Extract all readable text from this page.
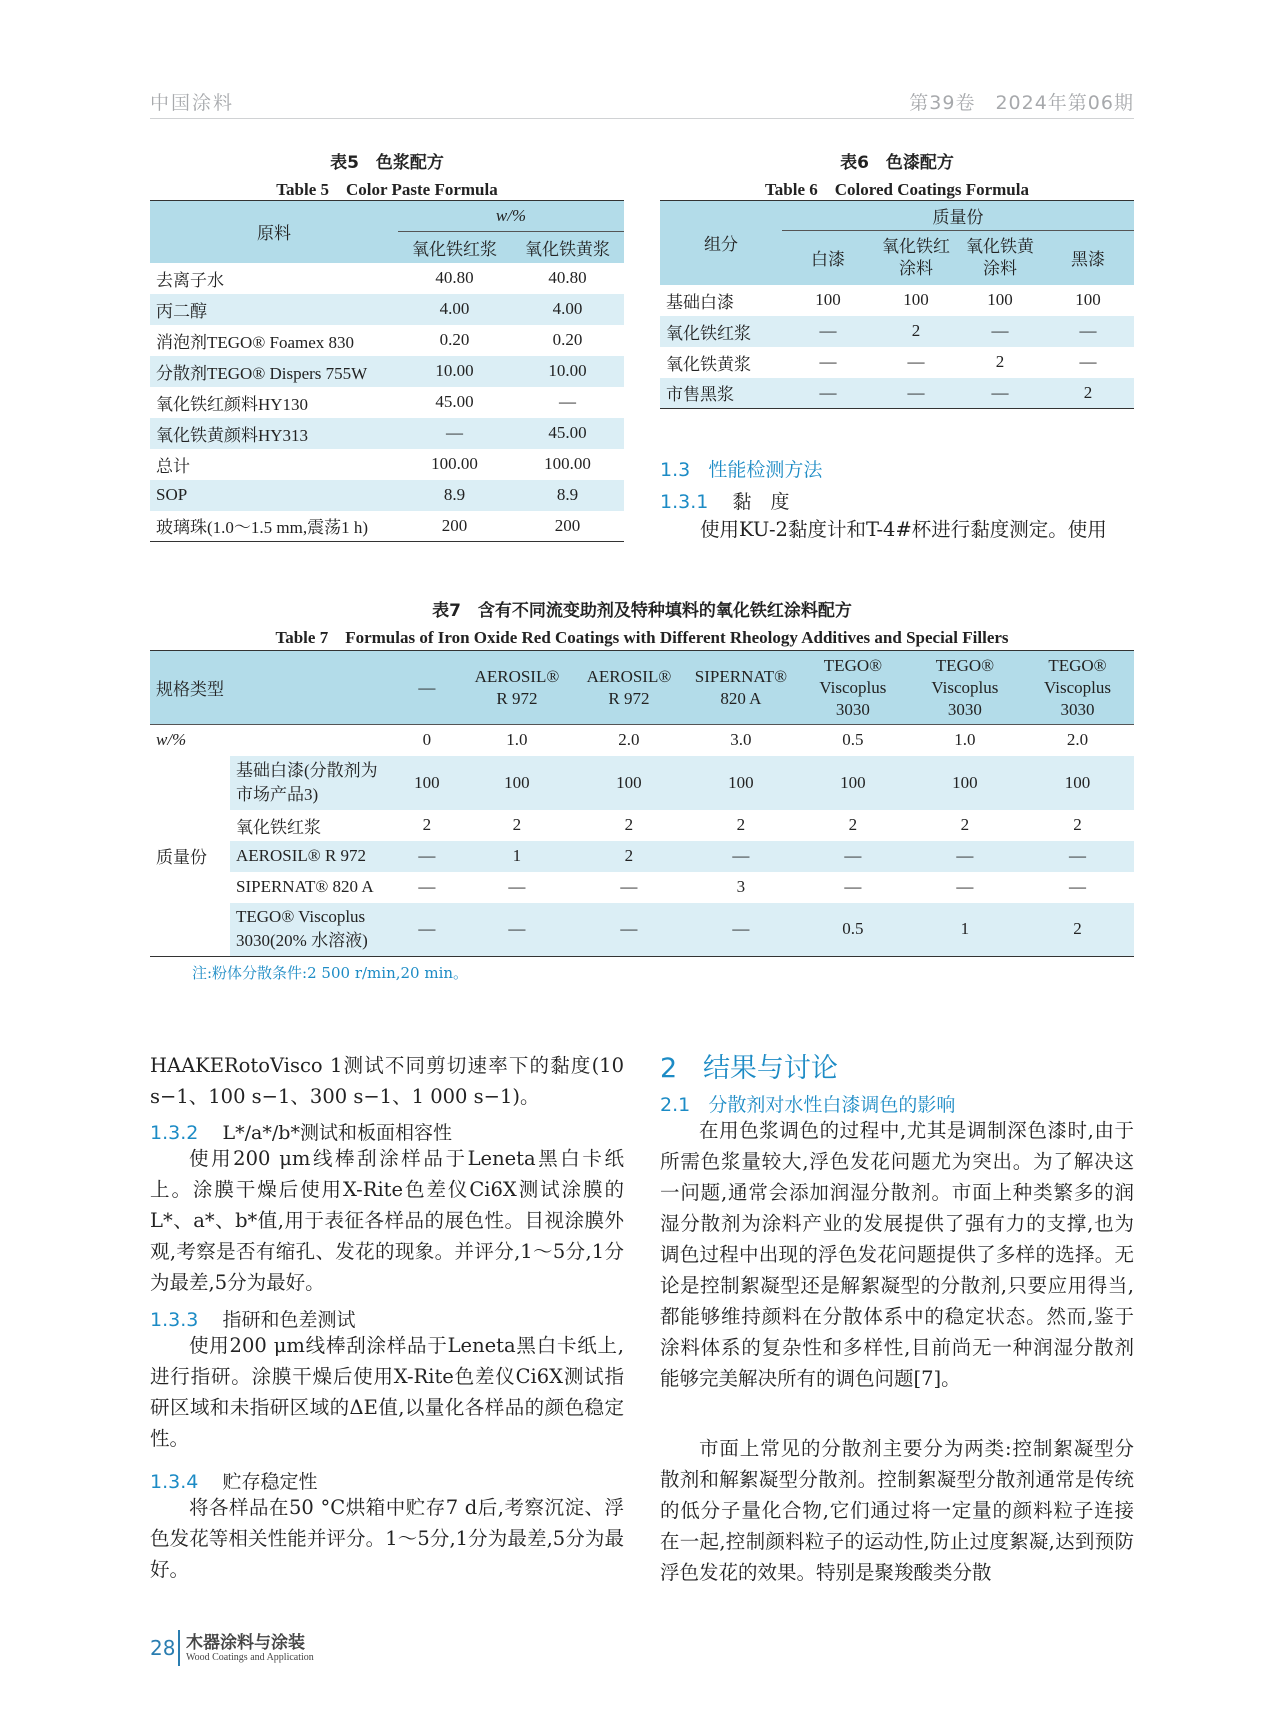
中国涂料	第39卷　2024年第06期
表5　色浆配方
Table 5　Color Paste Formula
原料	w/%	
	氧化铁红浆	氧化铁黄浆
去离子水	40.80	40.80
丙二醇	4.00	4.00
消泡剂TEGO® Foamex 830	0.20	0.20
分散剂TEGO® Dispers 755W	10.00	10.00
氧化铁红颜料HY130	45.00	—
氧化铁黄颜料HY313	—	45.00
总计	100.00	100.00
SOP	8.9	8.9
玻璃珠(1.0～1.5 mm,震荡1 h)	200	200
表6　色漆配方
Table 6　Colored Coatings Formula
组分	质量份			
	白漆	氧化铁红涂料	氧化铁黄涂料	黑漆
基础白漆	100	100	100	100
氧化铁红浆	—	2	—	—
氧化铁黄浆	—	—	2	—
市售黑浆	—	—	—	2
1.3 性能检测方法
1.3.1 黏　度
使用KU-2黏度计和T-4#杯进行黏度测定。使用
表7　含有不同流变助剂及特种填料的氧化铁红涂料配方
Table 7　Formulas of Iron Oxide Red Coatings with Different Rheology Additives and Special Fillers
规格类型		—	AEROSIL® R 972	AEROSIL® R 972	SIPERNAT® 820 A	TEGO® Viscoplus 3030	TEGO® Viscoplus 3030	TEGO® Viscoplus 3030
w/%		0	1.0	2.0	3.0	0.5	1.0	2.0
质量份	基础白漆(分散剂为市场产品3)	100	100	100	100	100	100	100
	氧化铁红浆	2	2	2	2	2	2	2
	AEROSIL® R 972	—	1	2	—	—	—	—
	SIPERNAT® 820 A	—	—	—	3	—	—	—
	TEGO® Viscoplus 3030(20% 水溶液)	—	—	—	—	0.5	1	2
注:粉体分散条件:2 500 r/min,20 min。
HAAKERotoVisco 1测试不同剪切速率下的黏度(10 s−1、100 s−1、300 s−1、1 000 s−1)。
1.3.2 L*/a*/b*测试和板面相容性
使用200 μm线棒刮涂样品于Leneta黑白卡纸上。涂膜干燥后使用X-Rite色差仪Ci6X测试涂膜的L*、a*、b*值,用于表征各样品的展色性。目视涂膜外观,考察是否有缩孔、发花的现象。并评分,1～5分,1分为最差,5分为最好。
1.3.3 指研和色差测试
使用200 μm线棒刮涂样品于Leneta黑白卡纸上,进行指研。涂膜干燥后使用X-Rite色差仪Ci6X测试指研区域和未指研区域的ΔE值,以量化各样品的颜色稳定性。
1.3.4 贮存稳定性
将各样品在50 °C烘箱中贮存7 d后,考察沉淀、浮色发花等相关性能并评分。1～5分,1分为最差,5分为最好。
2 结果与讨论
2.1 分散剂对水性白漆调色的影响
在用色浆调色的过程中,尤其是调制深色漆时,由于所需色浆量较大,浮色发花问题尤为突出。为了解决这一问题,通常会添加润湿分散剂。市面上种类繁多的润湿分散剂为涂料产业的发展提供了强有力的支撑,也为调色过程中出现的浮色发花问题提供了多样的选择。无论是控制絮凝型还是解絮凝型的分散剂,只要应用得当,都能够维持颜料在分散体系中的稳定状态。然而,鉴于涂料体系的复杂性和多样性,目前尚无一种润湿分散剂能够完美解决所有的调色问题[7]。
市面上常见的分散剂主要分为两类:控制絮凝型分散剂和解絮凝型分散剂。控制絮凝型分散剂通常是传统的低分子量化合物,它们通过将一定量的颜料粒子连接在一起,控制颜料粒子的运动性,防止过度絮凝,达到预防浮色发花的效果。特别是聚羧酸类分散
28 木器涂料与涂装
Wood Coatings and Application
